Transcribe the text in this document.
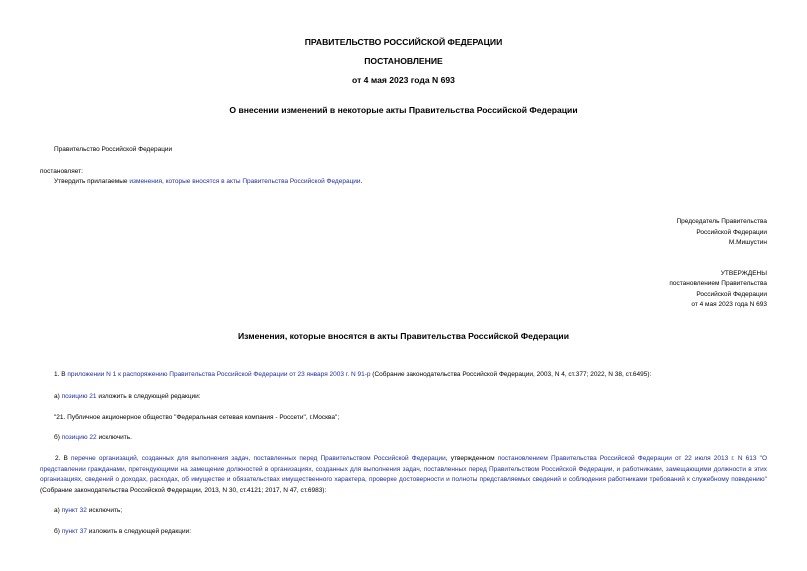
ПРАВИТЕЛЬСТВО РОССИЙСКОЙ ФЕДЕРАЦИИ
ПОСТАНОВЛЕНИЕ
от 4 мая 2023 года N 693
О внесении изменений в некоторые акты Правительства Российской Федерации
Правительство Российской Федерации
постановляет:
Утвердить прилагаемые изменения, которые вносятся в акты Правительства Российской Федерации.
Председатель Правительства
Российской Федерации
М.Мишустин
УТВЕРЖДЕНЫ
постановлением Правительства
Российской Федерации
от 4 мая 2023 года N 693
Изменения, которые вносятся в акты Правительства Российской Федерации
1. В приложении N 1 к распоряжению Правительства Российской Федерации от 23 января 2003 г. N 91-р (Собрание законодательства Российской Федерации, 2003, N 4, ст.377; 2022, N 38, ст.6495):
а) позицию 21 изложить в следующей редакции:
"21. Публичное акционерное общество "Федеральная сетевая компания - Россети", г.Москва";
б) позицию 22 исключить.
2. В перечне организаций, созданных для выполнения задач, поставленных перед Правительством Российской Федерации, утвержденном постановлением Правительства Российской Федерации от 22 июля 2013 г. N 613 "О представлении гражданами, претендующими на замещение должностей в организациях, созданных для выполнения задач, поставленных перед Правительством Российской Федерации, и работниками, замещающими должности в этих организациях, сведений о доходах, расходах, об имуществе и обязательствах имущественного характера, проверке достоверности и полноты представляемых сведений и соблюдения работниками требований к служебному поведению" (Собрание законодательства Российской Федерации, 2013, N 30, ст.4121; 2017, N 47, ст.6983):
а) пункт 32 исключить;
б) пункт 37 изложить в следующей редакции:
